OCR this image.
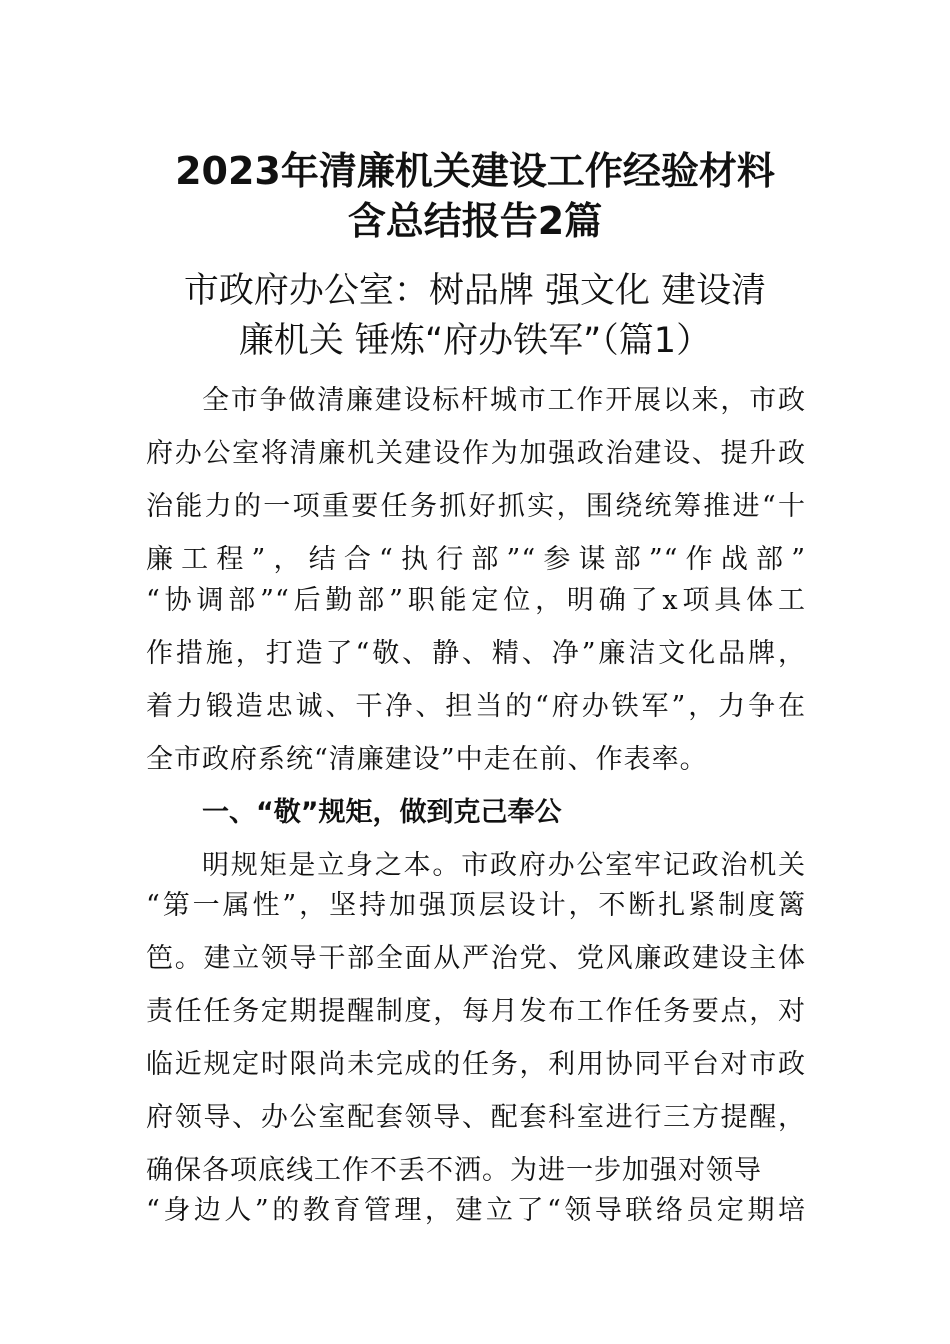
2023年清廉机关建设工作经验材料
含总结报告2篇
市政府办公室：树品牌 强文化 建设清
廉机关 锤炼“府办铁军”（篇1）
全市争做清廉建设标杆城市工作开展以来，市政
府办公室将清廉机关建设作为加强政治建设、提升政
治能力的一项重要任务抓好抓实，围绕统筹推进“十
廉工程”，结合“执行部”“参谋部”“作战部”
“协调部”“后勤部”职能定位，明确了x项具体工
作措施，打造了“敬、静、精、净”廉洁文化品牌，
着力锻造忠诚、干净、担当的“府办铁军”，力争在
全市政府系统“清廉建设”中走在前、作表率。
一、“敬”规矩，做到克己奉公
明规矩是立身之本。市政府办公室牢记政治机关
“第一属性”，坚持加强顶层设计，不断扎紧制度篱
笆。建立领导干部全面从严治党、党风廉政建设主体
责任任务定期提醒制度，每月发布工作任务要点，对
临近规定时限尚未完成的任务，利用协同平台对市政
府领导、办公室配套领导、配套科室进行三方提醒，
确保各项底线工作不丢不洒。为进一步加强对领导
“身边人”的教育管理，建立了“领导联络员定期培
